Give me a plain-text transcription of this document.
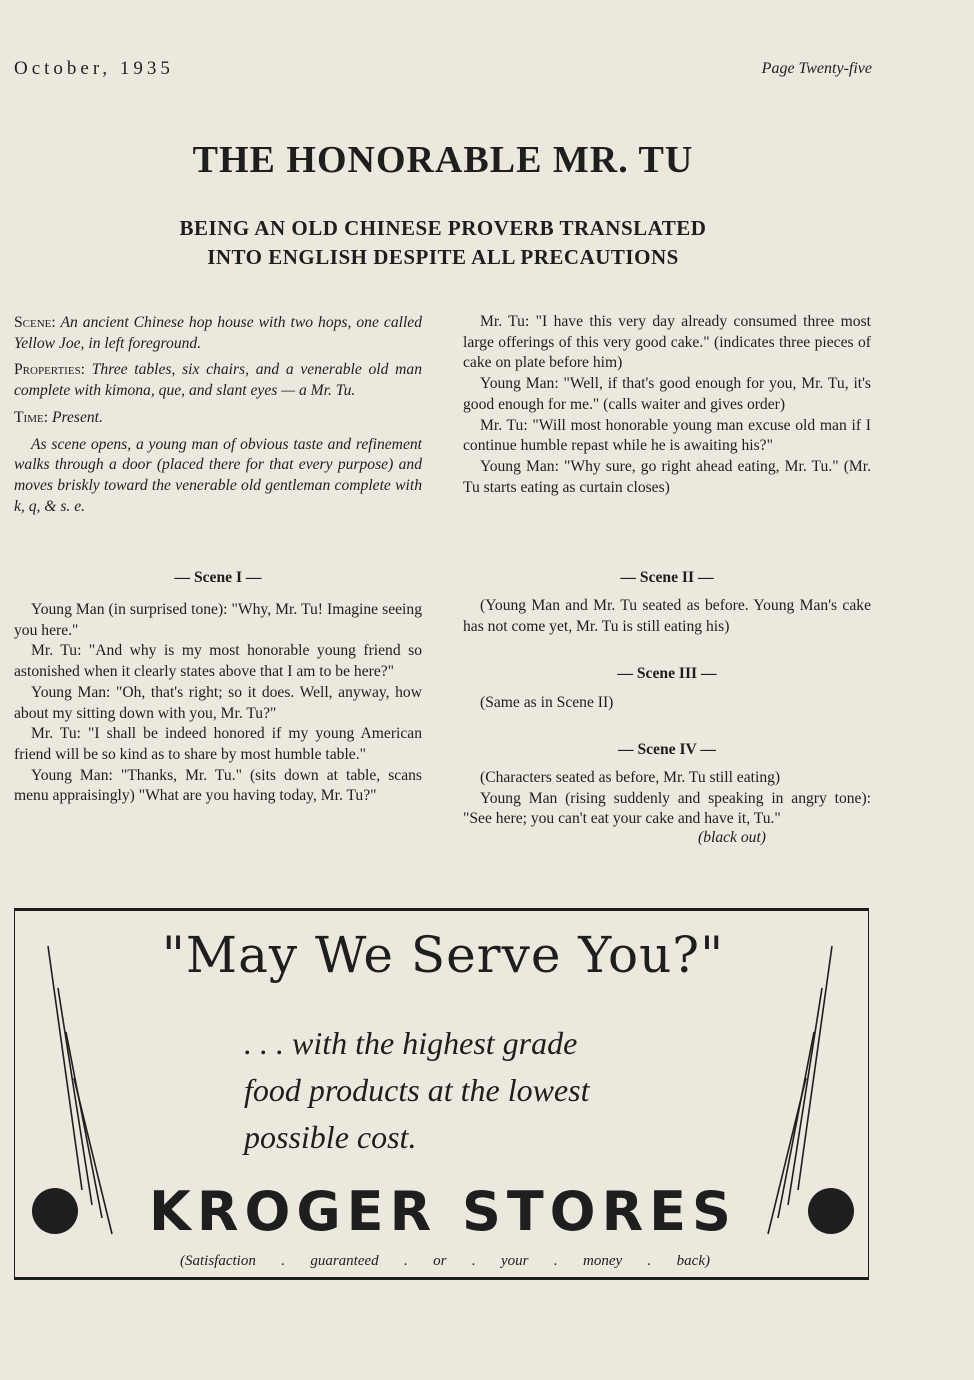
October, 1935	Page Twenty-five
THE HONORABLE MR. TU
BEING AN OLD CHINESE PROVERB TRANSLATED
INTO ENGLISH DESPITE ALL PRECAUTIONS

Scene: An ancient Chinese hop house with two hops, one called Yellow Joe, in left foreground.

Properties: Three tables, six chairs, and a venerable old man complete with kimona, que, and slant eyes — a Mr. Tu.

Time: Present.

As scene opens, a young man of obvious taste and refinement walks through a door (placed there for that every purpose) and moves briskly toward the venerable old gentleman complete with k, q, & s. e.

— Scene I —

Young Man (in surprised tone): "Why, Mr. Tu! Imagine seeing you here."

Mr. Tu: "And why is my most honorable young friend so astonished when it clearly states above that I am to be here?"

Young Man: "Oh, that's right; so it does. Well, anyway, how about my sitting down with you, Mr. Tu?"

Mr. Tu: "I shall be indeed honored if my young American friend will be so kind as to share by most humble table."

Young Man: "Thanks, Mr. Tu." (sits down at table, scans menu appraisingly) "What are you having today, Mr. Tu?"

Mr. Tu: "I have this very day already consumed three most large offerings of this very good cake." (indicates three pieces of cake on plate before him)

Young Man: "Well, if that's good enough for you, Mr. Tu, it's good enough for me." (calls waiter and gives order)

Mr. Tu: "Will most honorable young man excuse old man if I continue humble repast while he is awaiting his?"

Young Man: "Why sure, go right ahead eating, Mr. Tu." (Mr. Tu starts eating as curtain closes)

— Scene II —

(Young Man and Mr. Tu seated as before. Young Man's cake has not come yet, Mr. Tu is still eating his)

— Scene III —

(Same as in Scene II)

— Scene IV —

(Characters seated as before, Mr. Tu still eating)

Young Man (rising suddenly and speaking in angry tone): "See here; you can't eat your cake and have it, Tu."

(black out)

"May We Serve You?"
. . . with the highest grade
food products at the lowest
possible cost.
KROGER STORES
(Satisfaction . guaranteed . or . your . money . back)
